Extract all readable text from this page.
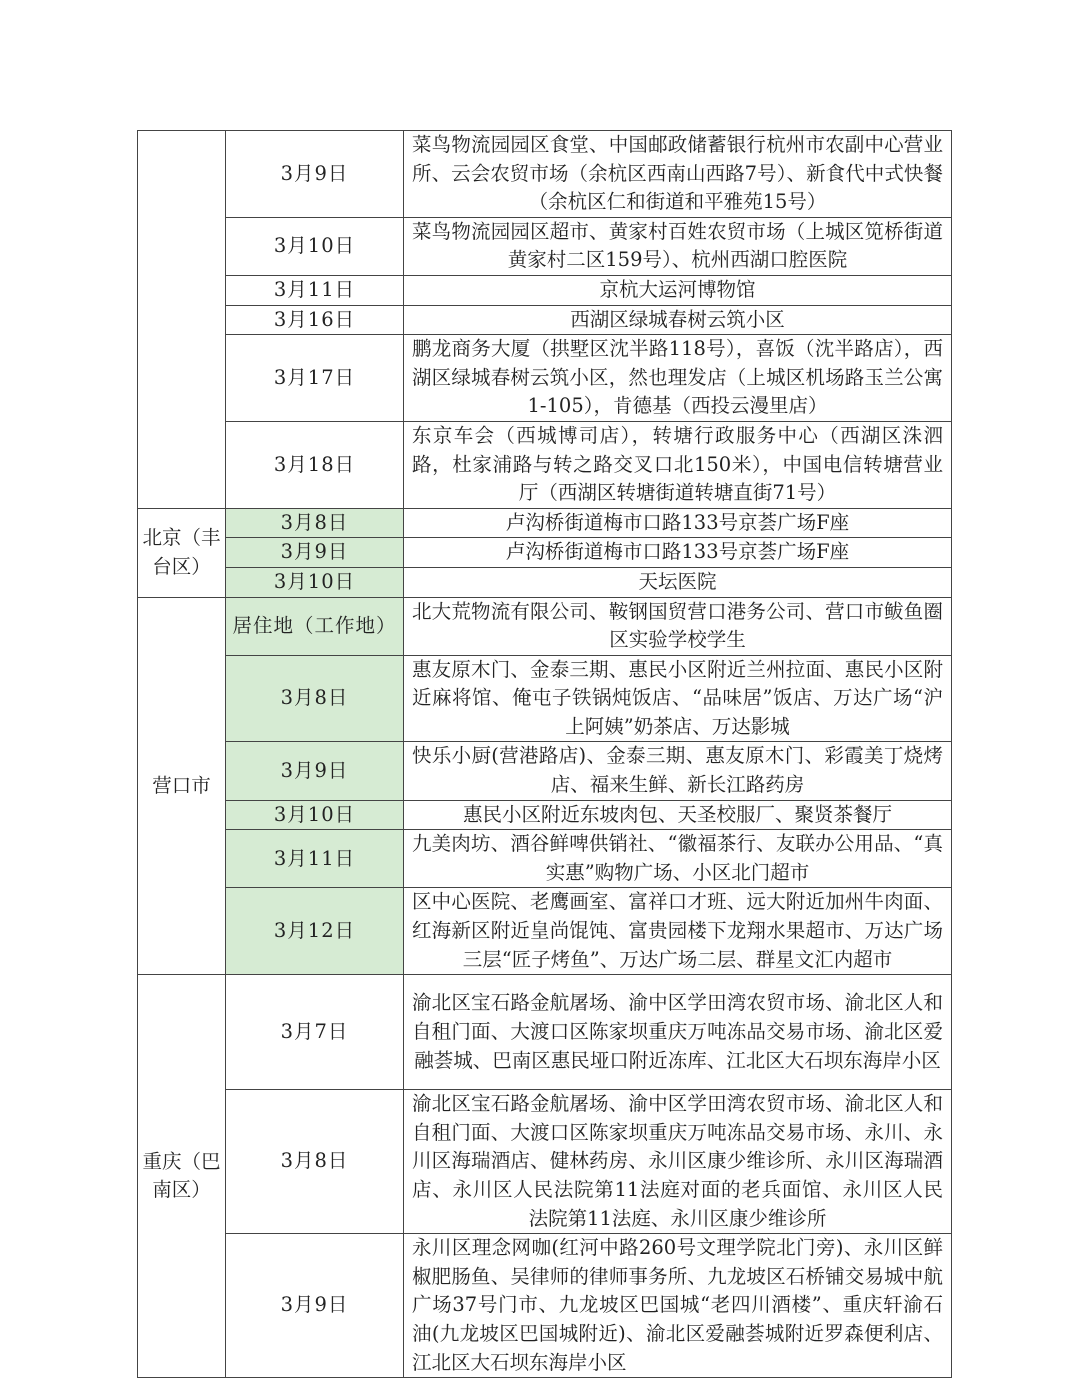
	3月9日	菜鸟物流园园区食堂、中国邮政储蓄银行杭州市农副中心营业所、云会农贸市场（余杭区西南山西路7号）、新食代中式快餐（余杭区仁和街道和平雅苑15号）
	3月10日	菜鸟物流园园区超市、黄家村百姓农贸市场（上城区笕桥街道黄家村二区159号）、杭州西湖口腔医院
	3月11日	京杭大运河博物馆
	3月16日	西湖区绿城春树云筑小区
	3月17日	鹏龙商务大厦（拱墅区沈半路118号），喜饭（沈半路店），西湖区绿城春树云筑小区，然也理发店（上城区机场路玉兰公寓1-105），肯德基（西投云漫里店）
	3月18日	东京车会（西城博司店），转塘行政服务中心（西湖区洙泗路，杜家浦路与转之路交叉口北150米），中国电信转塘营业厅（西湖区转塘街道转塘直街71号）
北京（丰台区）	3月8日	卢沟桥街道梅市口路133号京荟广场F座
	3月9日	卢沟桥街道梅市口路133号京荟广场F座
	3月10日	天坛医院
营口市	居住地（工作地）	北大荒物流有限公司、鞍钢国贸营口港务公司、营口市鲅鱼圈区实验学校学生
	3月8日	惠友原木门、金泰三期、惠民小区附近兰州拉面、惠民小区附近麻将馆、俺屯子铁锅炖饭店、“品味居”饭店、万达广场“沪上阿姨”奶茶店、万达影城
	3月9日	快乐小厨(营港路店)、金泰三期、惠友原木门、彩霞美丁烧烤店、福来生鲜、新长江路药房
	3月10日	惠民小区附近东坡肉包、天圣校服厂、聚贤茶餐厅
	3月11日	九美肉坊、酒谷鲜啤供销社、“徽福茶行、友联办公用品、“真实惠”购物广场、小区北门超市
	3月12日	区中心医院、老鹰画室、富祥口才班、远大附近加州牛肉面、红海新区附近皇尚馄饨、富贵园楼下龙翔水果超市、万达广场三层“匠子烤鱼”、万达广场二层、群星文汇内超市
重庆（巴南区）	3月7日	渝北区宝石路金航屠场、渝中区学田湾农贸市场、渝北区人和自租门面、大渡口区陈家坝重庆万吨冻品交易市场、渝北区爱融荟城、巴南区惠民垭口附近冻库、江北区大石坝东海岸小区
	3月8日	渝北区宝石路金航屠场、渝中区学田湾农贸市场、渝北区人和自租门面、大渡口区陈家坝重庆万吨冻品交易市场、永川、永川区海瑞酒店、健林药房、永川区康少维诊所、永川区海瑞酒店、永川区人民法院第11法庭对面的老兵面馆、永川区人民法院第11法庭、永川区康少维诊所
	3月9日	永川区理念网咖(红河中路260号文理学院北门旁)、永川区鲜椒肥肠鱼、吴律师的律师事务所、九龙坡区石桥铺交易城中航广场37号门市、九龙坡区巴国城“老四川酒楼”、重庆轩渝石油(九龙坡区巴国城附近)、渝北区爱融荟城附近罗森便利店、江北区大石坝东海岸小区
